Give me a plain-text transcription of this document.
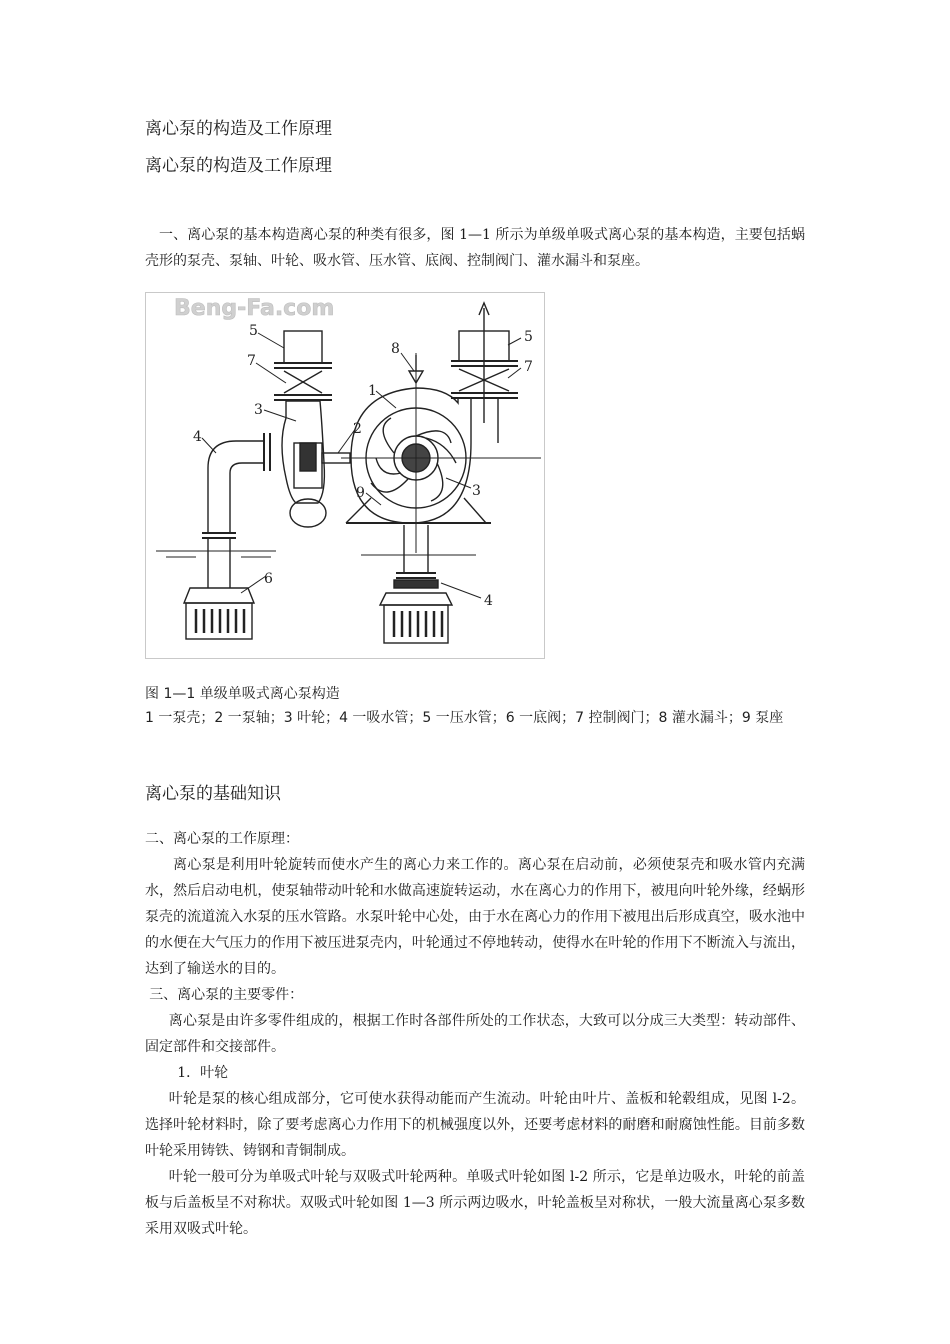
离心泵的构造及工作原理

离心泵的构造及工作原理

一、离心泵的基本构造离心泵的种类有很多，图 1—1 所示为单级单吸式离心泵的基本构造，主要包括蜗壳形的泵壳、泵轴、叶轮、吸水管、压水管、底阀、控制阀门、灌水漏斗和泵座。

Beng-Fa.com
5
7
3
4	2
6
8
1
5
7
3
9
4

图 1—1 单级单吸式离心泵构造

1 一泵壳；2 一泵轴；3 叶轮；4 一吸水管；5 一压水管；6 一底阀；7 控制阀门；8 灌水漏斗；9 泵座

离心泵的基础知识

二、离心泵的工作原理：

离心泵是利用叶轮旋转而使水产生的离心力来工作的。离心泵在启动前，必须使泵壳和吸水管内充满水，然后启动电机，使泵轴带动叶轮和水做高速旋转运动，水在离心力的作用下，被甩向叶轮外缘，经蜗形泵壳的流道流入水泵的压水管路。水泵叶轮中心处，由于水在离心力的作用下被甩出后形成真空，吸水池中的水便在大气压力的作用下被压进泵壳内，叶轮通过不停地转动，使得水在叶轮的作用下不断流入与流出，达到了输送水的目的。

三、离心泵的主要零件：

离心泵是由许多零件组成的，根据工作时各部件所处的工作状态，大致可以分成三大类型：转动部件、固定部件和交接部件。

1．叶轮

叶轮是泵的核心组成部分，它可使水获得动能而产生流动。叶轮由叶片、盖板和轮毂组成，见图 l-2。选择叶轮材料时，除了要考虑离心力作用下的机械强度以外，还要考虑材料的耐磨和耐腐蚀性能。目前多数叶轮采用铸铁、铸钢和青铜制成。

叶轮一般可分为单吸式叶轮与双吸式叶轮两种。单吸式叶轮如图 l-2 所示，它是单边吸水，叶轮的前盖板与后盖板呈不对称状。双吸式叶轮如图 1—3 所示两边吸水，叶轮盖板呈对称状，一般大流量离心泵多数采用双吸式叶轮。
